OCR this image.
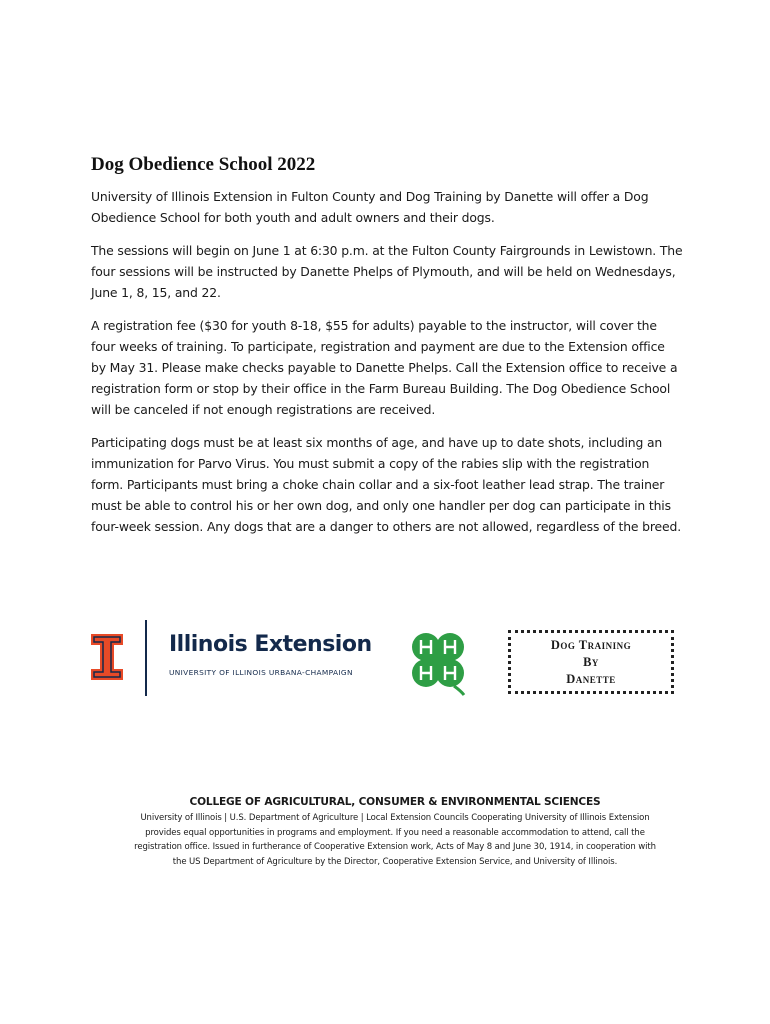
Dog Obedience School 2022

University of Illinois Extension in Fulton County and Dog Training by Danette will offer a Dog Obedience School for both youth and adult owners and their dogs.

The sessions will begin on June 1 at 6:30 p.m. at the Fulton County Fairgrounds in Lewistown. The four sessions will be instructed by Danette Phelps of Plymouth, and will be held on Wednesdays, June 1, 8, 15, and 22.

A registration fee ($30 for youth 8-18, $55 for adults) payable to the instructor, will cover the four weeks of training. To participate, registration and payment are due to the Extension office by May 31. Please make checks payable to Danette Phelps. Call the Extension office to receive a registration form or stop by their office in the Farm Bureau Building. The Dog Obedience School will be canceled if not enough registrations are received.

Participating dogs must be at least six months of age, and have up to date shots, including an immunization for Parvo Virus. You must submit a copy of the rabies slip with the registration form. Participants must bring a choke chain collar and a six-foot leather lead strap. The trainer must be able to control his or her own dog, and only one handler per dog can participate in this four-week session. Any dogs that are a danger to others are not allowed, regardless of the breed.

Illinois Extension
UNIVERSITY OF ILLINOIS URBANA-CHAMPAIGN
Dog Training
By
Danette
COLLEGE OF AGRICULTURAL, CONSUMER & ENVIRONMENTAL SCIENCES
University of Illinois | U.S. Department of Agriculture | Local Extension Councils Cooperating University of Illinois Extension
provides equal opportunities in programs and employment. If you need a reasonable accommodation to attend, call the
registration office. Issued in furtherance of Cooperative Extension work, Acts of May 8 and June 30, 1914, in cooperation with
the US Department of Agriculture by the Director, Cooperative Extension Service, and University of Illinois.
